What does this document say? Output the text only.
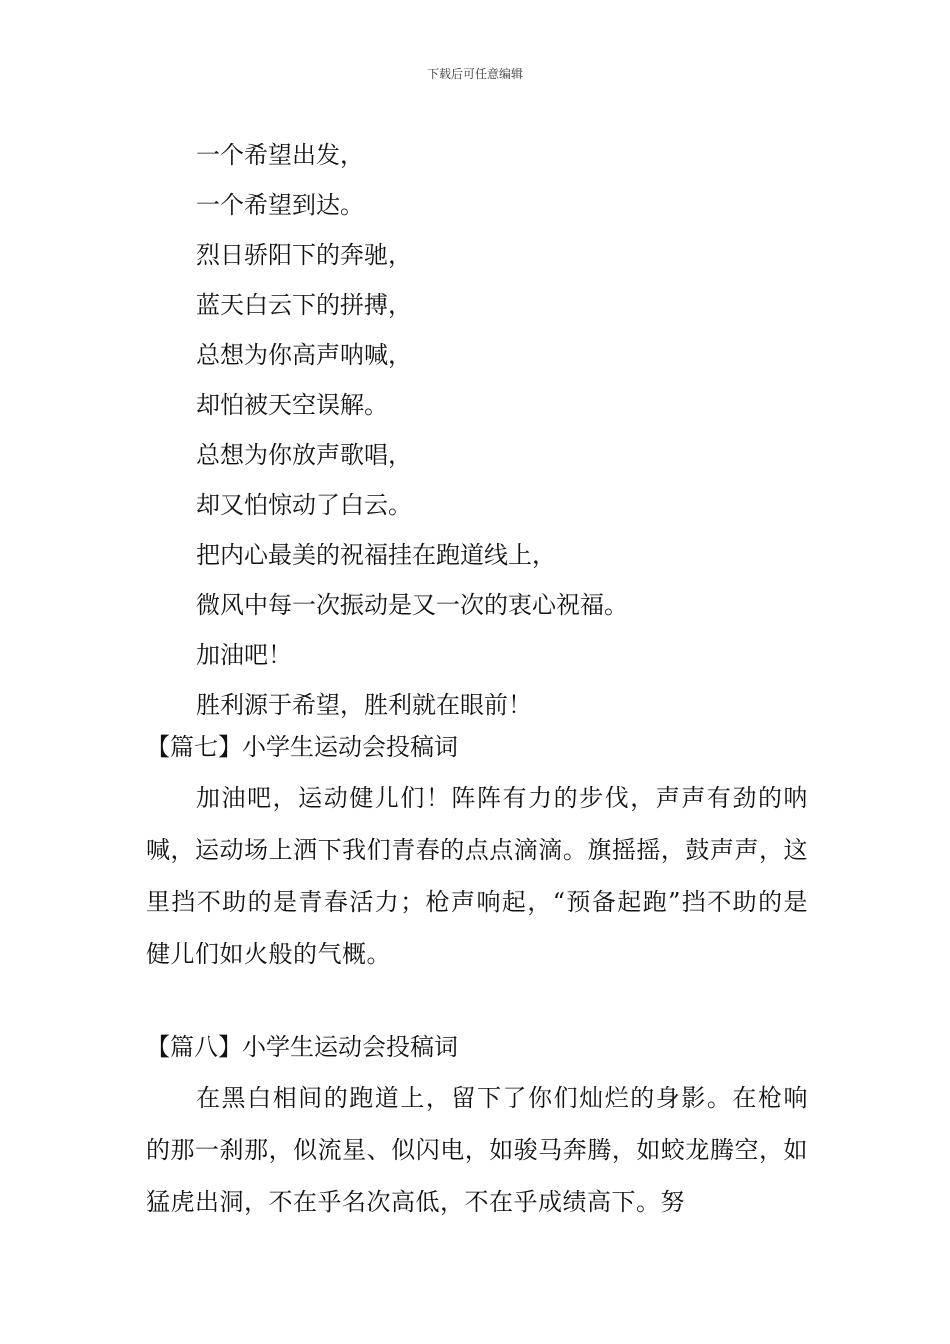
下载后可任意编辑
一个希望出发，
一个希望到达。
烈日骄阳下的奔驰，
蓝天白云下的拼搏，
总想为你高声呐喊，
却怕被天空误解。
总想为你放声歌唱，
却又怕惊动了白云。
把内心最美的祝福挂在跑道线上，
微风中每一次振动是又一次的衷心祝福。
加油吧！
胜利源于希望，胜利就在眼前！
【篇七】小学生运动会投稿词

加油吧，运动健儿们！阵阵有力的步伐，声声有劲的呐喊，运动场上洒下我们青春的点点滴滴。旗摇摇，鼓声声，这里挡不助的是青春活力；枪声响起，“预备起跑”挡不助的是健儿们如火般的气概。

【篇八】小学生运动会投稿词

在黑白相间的跑道上，留下了你们灿烂的身影。在枪响的那一刹那，似流星、似闪电，如骏马奔腾，如蛟龙腾空，如猛虎出洞，不在乎名次高低，不在乎成绩高下。努
